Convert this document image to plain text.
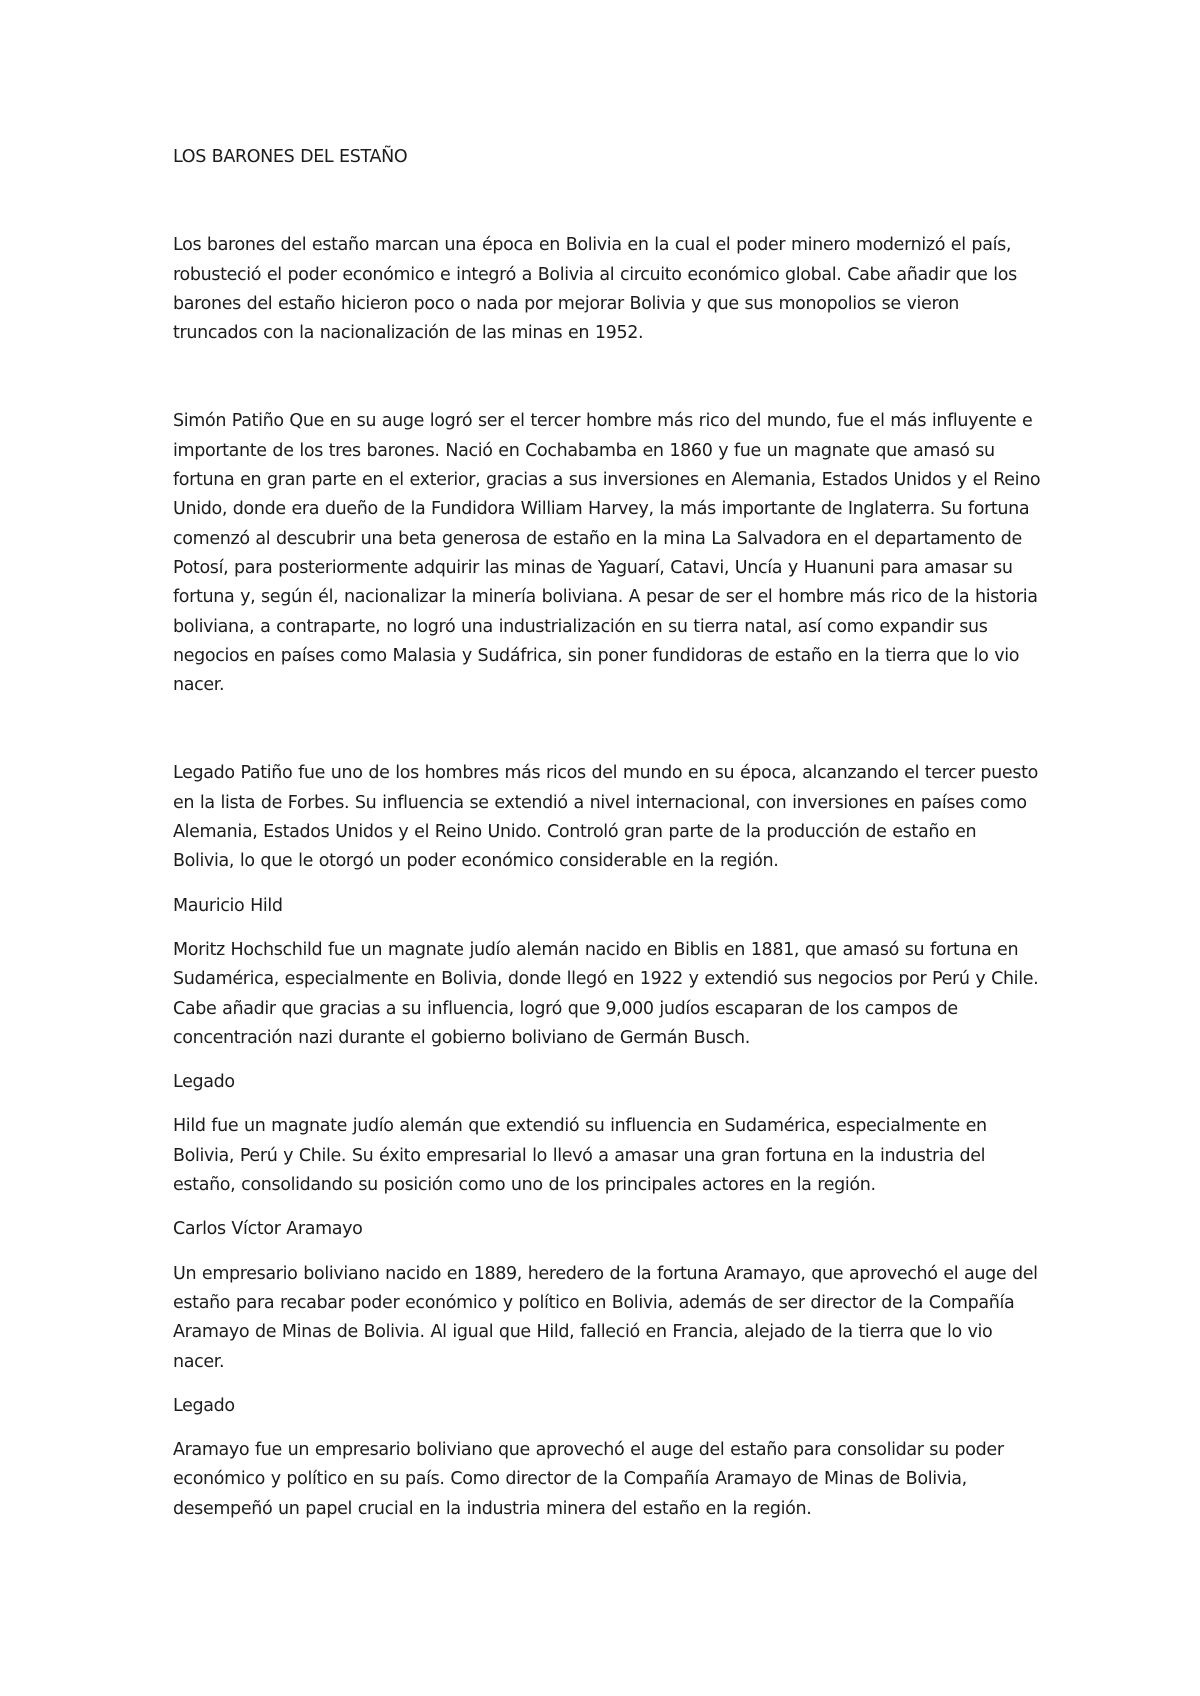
LOS BARONES DEL ESTAÑO

Los barones del estaño marcan una época en Bolivia en la cual el poder minero modernizó el país, robusteció el poder económico e integró a Bolivia al circuito económico global. Cabe añadir que los barones del estaño hicieron poco o nada por mejorar Bolivia y que sus monopolios se vieron truncados con la nacionalización de las minas en 1952.

Simón Patiño Que en su auge logró ser el tercer hombre más rico del mundo, fue el más influyente e importante de los tres barones. Nació en Cochabamba en 1860 y fue un magnate que amasó su fortuna en gran parte en el exterior, gracias a sus inversiones en Alemania, Estados Unidos y el Reino Unido, donde era dueño de la Fundidora William Harvey, la más importante de Inglaterra. Su fortuna comenzó al descubrir una beta generosa de estaño en la mina La Salvadora en el departamento de Potosí, para posteriormente adquirir las minas de Yaguarí, Catavi, Uncía y Huanuni para amasar su fortuna y, según él, nacionalizar la minería boliviana. A pesar de ser el hombre más rico de la historia boliviana, a contraparte, no logró una industrialización en su tierra natal, así como expandir sus negocios en países como Malasia y Sudáfrica, sin poner fundidoras de estaño en la tierra que lo vio nacer.

Legado Patiño fue uno de los hombres más ricos del mundo en su época, alcanzando el tercer puesto en la lista de Forbes. Su influencia se extendió a nivel internacional, con inversiones en países como Alemania, Estados Unidos y el Reino Unido. Controló gran parte de la producción de estaño en Bolivia, lo que le otorgó un poder económico considerable en la región.

Mauricio Hild

Moritz Hochschild fue un magnate judío alemán nacido en Biblis en 1881, que amasó su fortuna en Sudamérica, especialmente en Bolivia, donde llegó en 1922 y extendió sus negocios por Perú y Chile. Cabe añadir que gracias a su influencia, logró que 9,000 judíos escaparan de los campos de concentración nazi durante el gobierno boliviano de Germán Busch.

Legado

Hild fue un magnate judío alemán que extendió su influencia en Sudamérica, especialmente en Bolivia, Perú y Chile. Su éxito empresarial lo llevó a amasar una gran fortuna en la industria del estaño, consolidando su posición como uno de los principales actores en la región.

Carlos Víctor Aramayo

Un empresario boliviano nacido en 1889, heredero de la fortuna Aramayo, que aprovechó el auge del estaño para recabar poder económico y político en Bolivia, además de ser director de la Compañía Aramayo de Minas de Bolivia. Al igual que Hild, falleció en Francia, alejado de la tierra que lo vio nacer.

Legado

Aramayo fue un empresario boliviano que aprovechó el auge del estaño para consolidar su poder económico y político en su país. Como director de la Compañía Aramayo de Minas de Bolivia, desempeñó un papel crucial en la industria minera del estaño en la región.
